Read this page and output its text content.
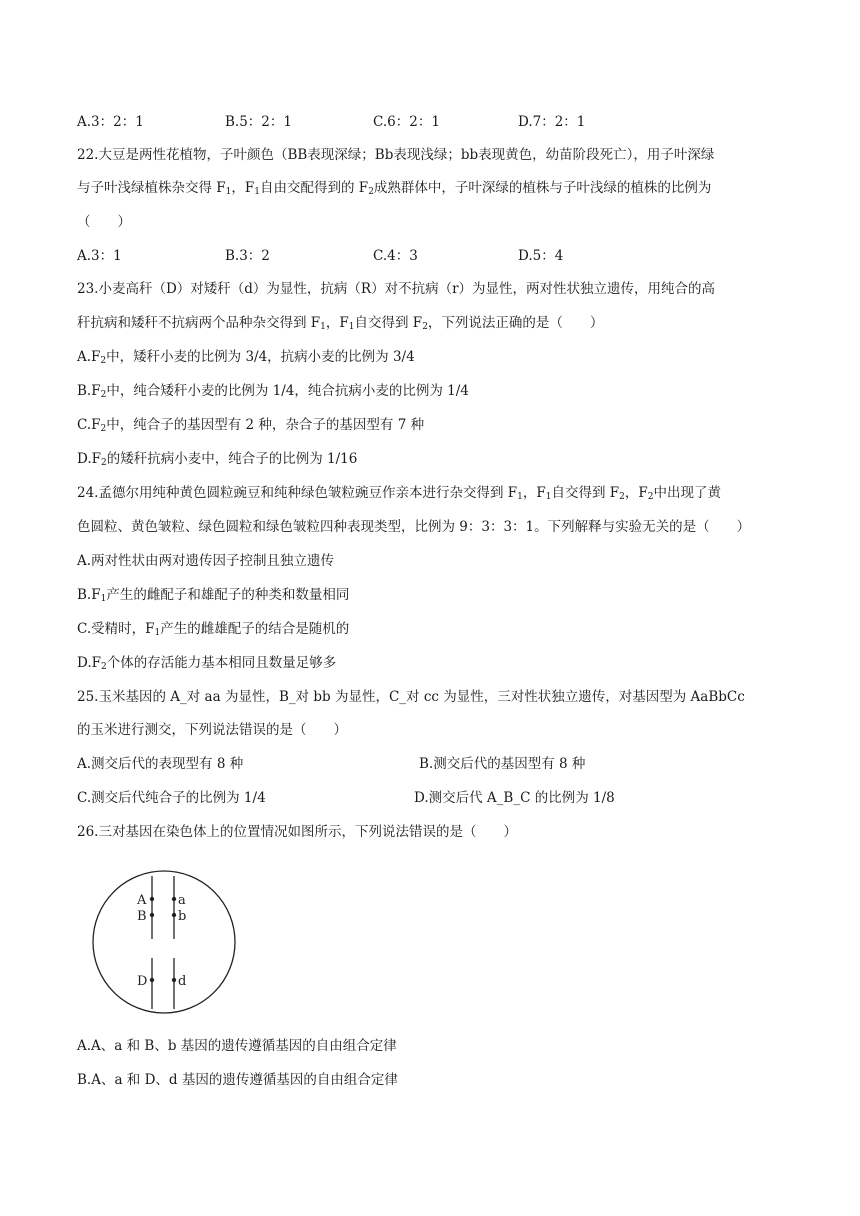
A.3：2：1	B.5：2：1	C.6：2：1	D.7：2：1
22.大豆是两性花植物，子叶颜色（BB表现深绿；Bb表现浅绿；bb表现黄色，幼苗阶段死亡），用子叶深绿
与子叶浅绿植株杂交得 $F_1$，$F_1$自由交配得到的 $F_2$成熟群体中，子叶深绿的植株与子叶浅绿的植株的比例为
（　　）
A.3：1	B.3：2	C.4：3	D.5：4
23.小麦高秆（D）对矮秆（d）为显性，抗病（R）对不抗病（r）为显性，两对性状独立遗传，用纯合的高
秆抗病和矮秆不抗病两个品种杂交得到 $F_1$，$F_1$自交得到 $F_2$，下列说法正确的是（　　）
$A.F_2$中，矮秆小麦的比例为 3/4，抗病小麦的比例为 3/4
$B.F_2$中，纯合矮秆小麦的比例为 1/4，纯合抗病小麦的比例为 1/4
$C.F_2$中，纯合子的基因型有 2 种，杂合子的基因型有 7 种
$D.F_2$的矮秆抗病小麦中，纯合子的比例为 1/16
24.孟德尔用纯种黄色圆粒豌豆和纯种绿色皱粒豌豆作亲本进行杂交得到 $F_1$，$F_1$自交得到 $F_2$，$F_2$中出现了黄
色圆粒、黄色皱粒、绿色圆粒和绿色皱粒四种表现类型，比例为 9：3：3：1。下列解释与实验无关的是（　　）
A.两对性状由两对遗传因子控制且独立遗传
$B.F_1$产生的雌配子和雄配子的种类和数量相同
C.受精时，$F_1$产生的雌雄配子的结合是随机的
$D.F_2$个体的存活能力基本相同且数量足够多
25.玉米基因的 A_对 aa 为显性，B_对 bb 为显性，C_对 cc 为显性，三对性状独立遗传，对基因型为 AaBbCc
的玉米进行测交，下列说法错误的是（　　）
A.测交后代的表现型有 8 种	B.测交后代的基因型有 8 种
C.测交后代纯合子的比例为 1/4	D.测交后代 A_B_C 的比例为 1/8
26.三对基因在染色体上的位置情况如图所示，下列说法错误的是（　　）
A a
B b
D d
A.A、a 和 B、b 基因的遗传遵循基因的自由组合定律
B.A、a 和 D、d 基因的遗传遵循基因的自由组合定律
